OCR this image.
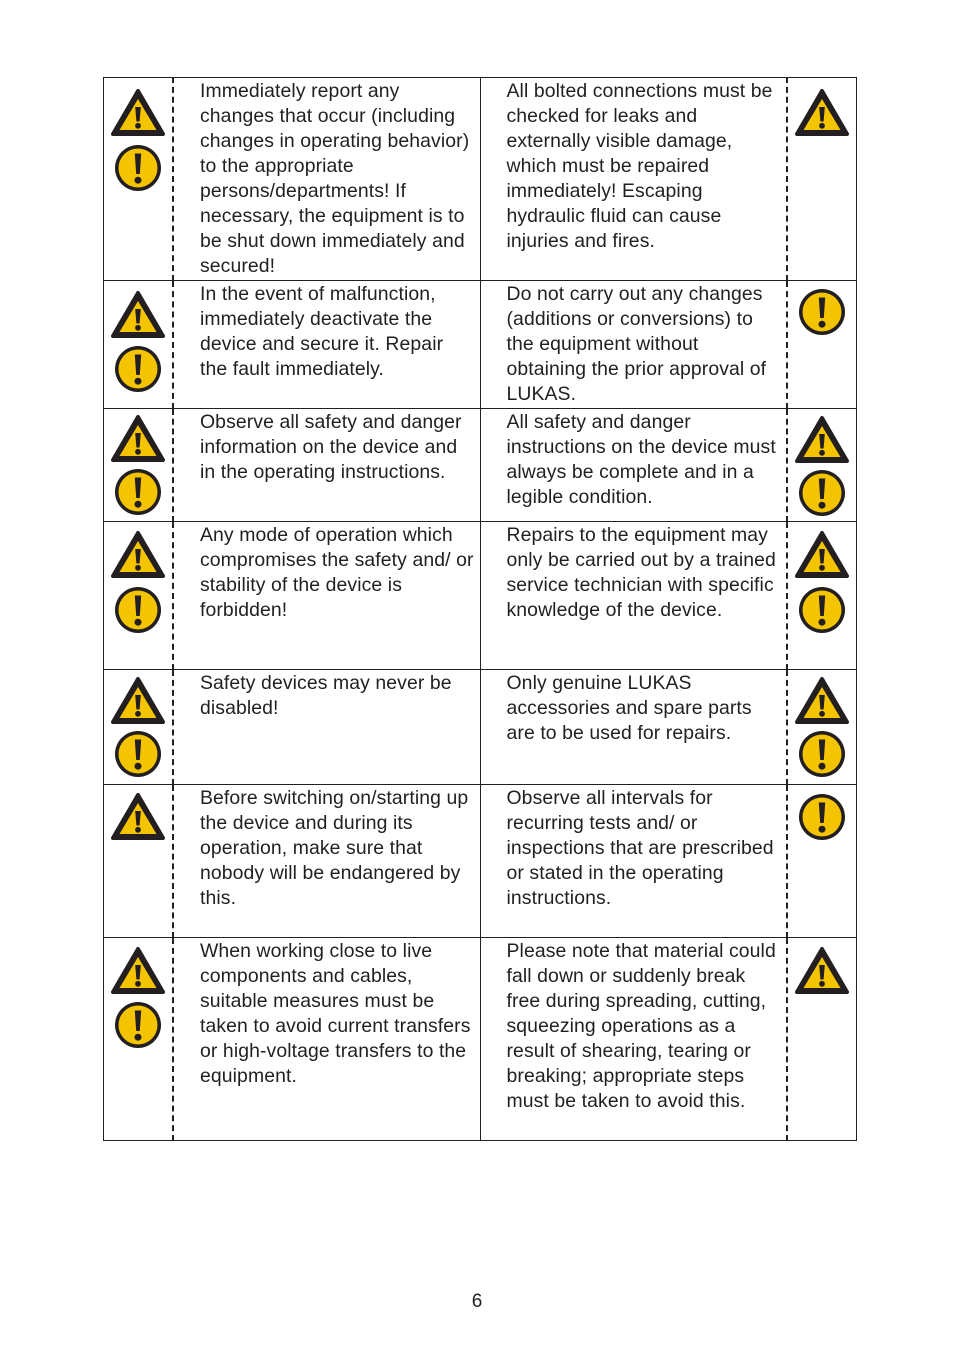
	Immediately report any changes that occur (including changes in operating behavior) to the appropriate persons/departments! If necessary, the equipment is to be shut down immediately and secured!	All bolted connections must be checked for leaks and externally visible damage, which must be repaired immediately! Escaping hydraulic fluid can cause injuries and fires.	

	In the event of malfunction, immediately deactivate the device and secure it. Repair the fault immediately.	Do not carry out any changes (additions or conversions) to the equipment without obtaining the prior approval of LUKAS.	

	Observe all safety and danger information on the device and in the operating instructions.	All safety and danger instructions on the device must always be complete and in a legible condition.	

	Any mode of operation which compromises the safety and/ or stability of the device is forbidden!	Repairs to the equipment may only be carried out by a trained service technician with specific knowledge of the device.	

	Safety devices may never be disabled!	Only genuine LUKAS accessories and spare parts are to be used for repairs.	

	Before switching on/starting up the device and during its operation, make sure that nobody will be endangered by this.	Observe all intervals for recurring tests and/ or inspections that are prescribed or stated in the operating instructions.	

	When working close to live components and cables, suitable measures must be taken to avoid current transfers or high-voltage transfers to the equipment.	Please note that material could fall down or suddenly break free during spreading, cutting, squeezing operations as a result of shearing, tearing or breaking; appropriate steps must be taken to avoid this.	
6
